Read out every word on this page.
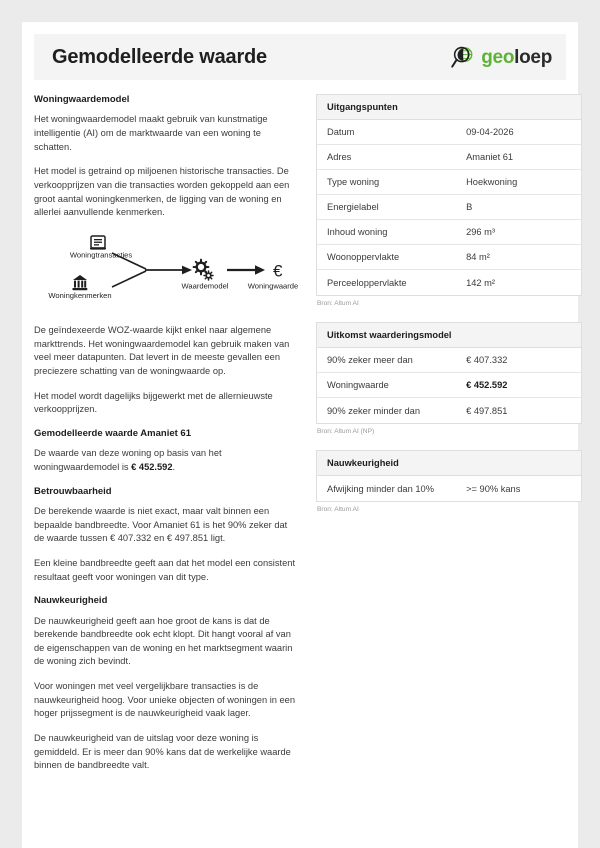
Gemodelleerde waarde	geoloep
Woningwaardemodel

Het woningwaardemodel maakt gebruik van kunstmatige intelligentie (AI) om de marktwaarde van een woning te schatten.

Het model is getraind op miljoenen historische transacties. De verkoopprijzen van die transacties worden gekoppeld aan een groot aantal woningkenmerken, de ligging van de woning en allerlei aanvullende kenmerken.

€
Woningtransacties
Woningkenmerken
Waardemodel	Woningwaarde

De geïndexeerde WOZ-waarde kijkt enkel naar algemene markttrends. Het woningwaardemodel kan gebruik maken van veel meer datapunten. Dat levert in de meeste gevallen een preciezere schatting van de woningwaarde op.

Het model wordt dagelijks bijgewerkt met de allernieuwste verkoopprijzen.

Gemodelleerde waarde Amaniet 61

De waarde van deze woning op basis van het woningwaardemodel is € 452.592.

Betrouwbaarheid

De berekende waarde is niet exact, maar valt binnen een bepaalde bandbreedte. Voor Amaniet 61 is het 90% zeker dat de waarde tussen € 407.332 en € 497.851 ligt.

Een kleine bandbreedte geeft aan dat het model een consistent resultaat geeft voor woningen van dit type.

Nauwkeurigheid

De nauwkeurigheid geeft aan hoe groot de kans is dat de berekende bandbreedte ook echt klopt. Dit hangt vooral af van de eigenschappen van de woning en het marktsegment waarin de woning zich bevindt.

Voor woningen met veel vergelijkbare transacties is de nauwkeurigheid hoog. Voor unieke objecten of woningen in een hoger prijssegment is de nauwkeurigheid vaak lager.

De nauwkeurigheid van de uitslag voor deze woning is gemiddeld. Er is meer dan 90% kans dat de werkelijke waarde binnen de bandbreedte valt.

Uitgangspunten
Datum	09-04-2026
Adres	Amaniet 61
Type woning	Hoekwoning
Energielabel	B
Inhoud woning	296 m³
Woonoppervlakte	84 m²
Perceeloppervlakte	142 m²
Bron: Altum AI
Uitkomst waarderingsmodel
90% zeker meer dan	€ 407.332
Woningwaarde	€ 452.592
90% zeker minder dan	€ 497.851
Bron: Altum AI (NP)
Nauwkeurigheid
Afwijking minder dan 10%	>= 90% kans
Bron: Altum AI
